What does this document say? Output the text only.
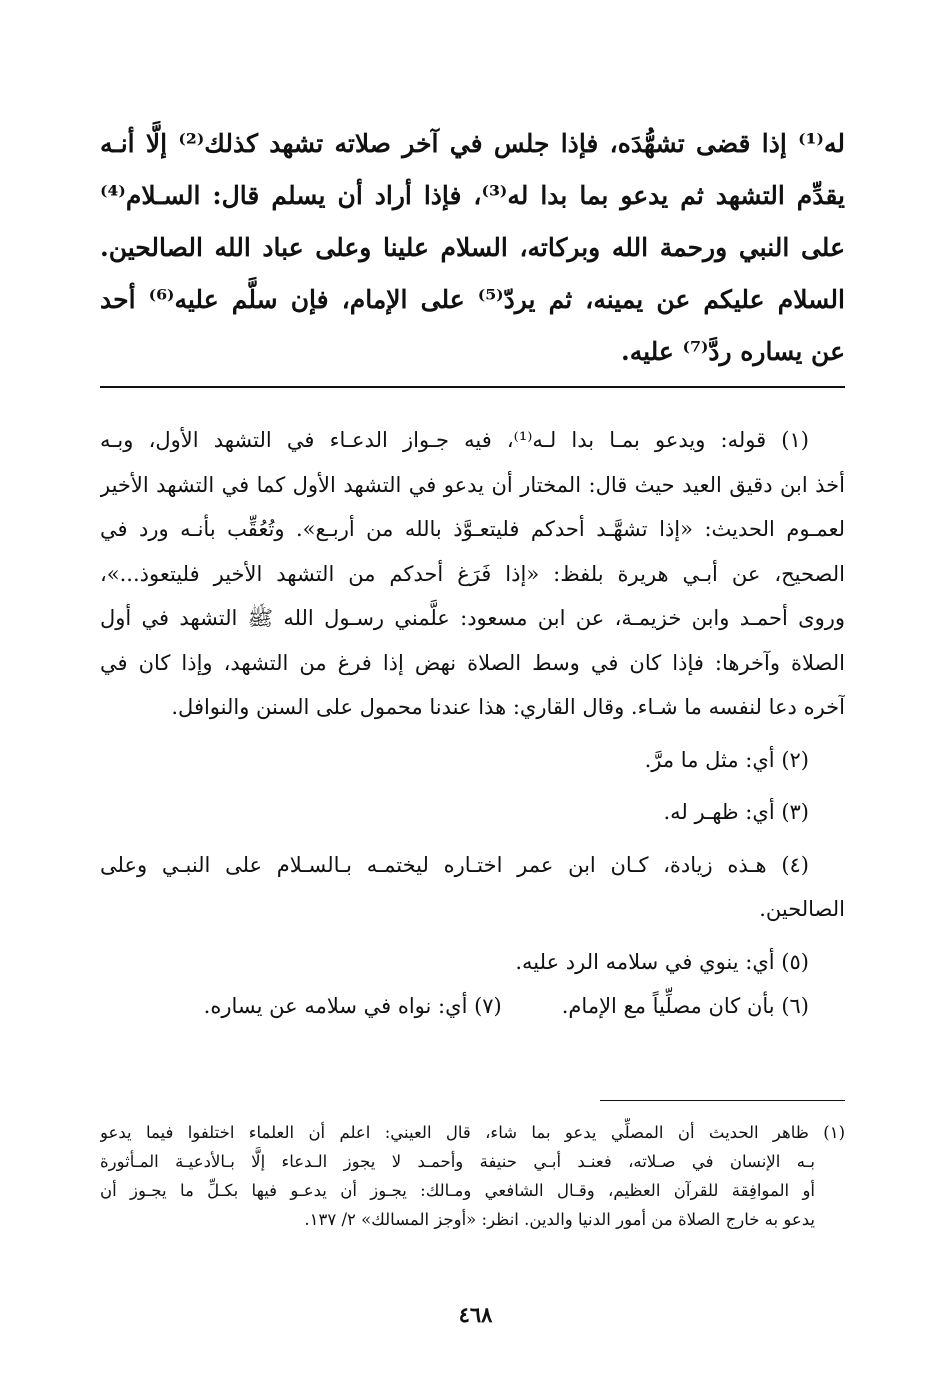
له⁽¹⁾ إذا قضى تشهُّدَه، فإذا جلس في آخر صلاته تشهد كذلك⁽²⁾ إلَّا أنـه
يقدِّم التشهد ثم يدعو بما بدا له⁽³⁾، فإذا أراد أن يسلم قال: السـلام⁽⁴⁾
على النبي ورحمة الله وبركاته، السلام علينا وعلى عباد الله الصالحين.
السلام عليكم عن يمينه، ثم يردّ⁽⁵⁾ على الإمام، فإن سلَّم عليه⁽⁶⁾ أحد
عن يساره ردَّ⁽⁷⁾ عليه.
(١) قوله: ويدعو بمـا بدا لـه⁽¹⁾، فيه جـواز الدعـاء في التشهد الأول، وبـه
أخذ ابن دقيق العيد حيث قال: المختار أن يدعو في التشهد الأول كما في التشهد الأخير
لعمـوم الحديث: «إذا تشهَّـد أحدكم فليتعـوَّذ بالله من أربـع». وتُعُقِّب بأنـه ورد في
الصحيح، عن أبـي هريرة بلفظ: «إذا فَرَغ أحدكم من التشهد الأخير فليتعوذ...»،
وروى أحمـد وابن خزيمـة، عن ابن مسعود: علَّمني رسـول الله ﷺ التشهد في أول
الصلاة وآخرها: فإذا كان في وسط الصلاة نهض إذا فرغ من التشهد، وإذا كان في
آخره دعا لنفسه ما شـاء. وقال القاري: هذا عندنا محمول على السنن والنوافل.
(٢) أي: مثل ما مرَّ.
(٣) أي: ظهـر له.
(٤) هـذه زيادة، كـان ابن عمر اختـاره ليختمـه بـالسـلام على النبـي وعلى
الصالحين.
(٥) أي: ينوي في سلامه الرد عليه.
(٦) بأن كان مصلِّياً مع الإمام.
(٧) أي: نواه في سلامه عن يساره.
(١) ظاهر الحديث أن المصلِّي يدعو بما شاء، قال العيني: اعلم أن العلماء اختلفوا فيما يدعو
بـه الإنسان في صـلاته، فعنـد أبـي حنيفة وأحمـد لا يجوز الـدعاء إلَّا بـالأدعيـة المـأثورة
أو الموافِقة للقرآن العظيم، وقـال الشافعي ومـالك: يجـوز أن يدعـو فيها بكـلِّ ما يجـوز أن
يدعو به خارج الصلاة من أمور الدنيا والدين. انظر: «أوجز المسالك» ٢/ ١٣٧.
٤٦٨
